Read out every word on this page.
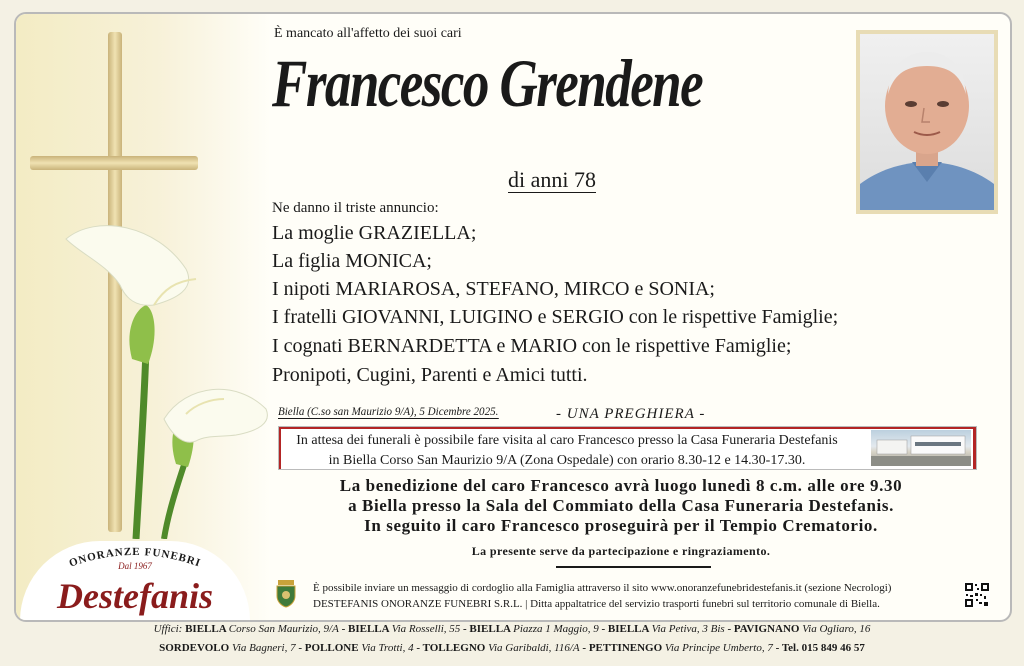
ONORANZE FUNEBRI
Dal 1967
Destefanis
È mancato all'affetto dei suoi cari
Francesco Grendene
di anni 78
Ne danno il triste annuncio:
La moglie GRAZIELLA;
La figlia MONICA;
I nipoti MARIAROSA, STEFANO, MIRCO e SONIA;
I fratelli GIOVANNI, LUIGINO e SERGIO con le rispettive Famiglie;
I cognati BERNARDETTA e MARIO con le rispettive Famiglie;
Pronipoti, Cugini, Parenti e Amici tutti.
Biella (C.so san Maurizio 9/A), 5 Dicembre 2025.	- UNA PREGHIERA -
In attesa dei funerali è possibile fare visita al caro Francesco presso la Casa Funeraria Destefanis
in Biella Corso San Maurizio 9/A (Zona Ospedale) con orario 8.30-12 e 14.30-17.30.
La benedizione del caro Francesco avrà luogo lunedì 8 c.m. alle ore 9.30
a Biella presso la Sala del Commiato della Casa Funeraria Destefanis.
In seguito il caro Francesco proseguirà per il Tempio Crematorio.
La presente serve da partecipazione e ringraziamento.
È possibile inviare un messaggio di cordoglio alla Famiglia attraverso il sito www.onoranzefunebridestefanis.it (sezione Necrologi)
DESTEFANIS ONORANZE FUNEBRI S.R.L. | Ditta appaltatrice del servizio trasporti funebri sul territorio comunale di Biella.
Uffici: BIELLA Corso San Maurizio, 9/A - BIELLA Via Rosselli, 55 - BIELLA Piazza 1 Maggio, 9 - BIELLA Via Petiva, 3 Bis - PAVIGNANO Via Ogliaro, 16
SORDEVOLO Via Bagneri, 7 - POLLONE Via Trotti, 4 - TOLLEGNO Via Garibaldi, 116/A - PETTINENGO Via Principe Umberto, 7 - Tel. 015 849 46 57
